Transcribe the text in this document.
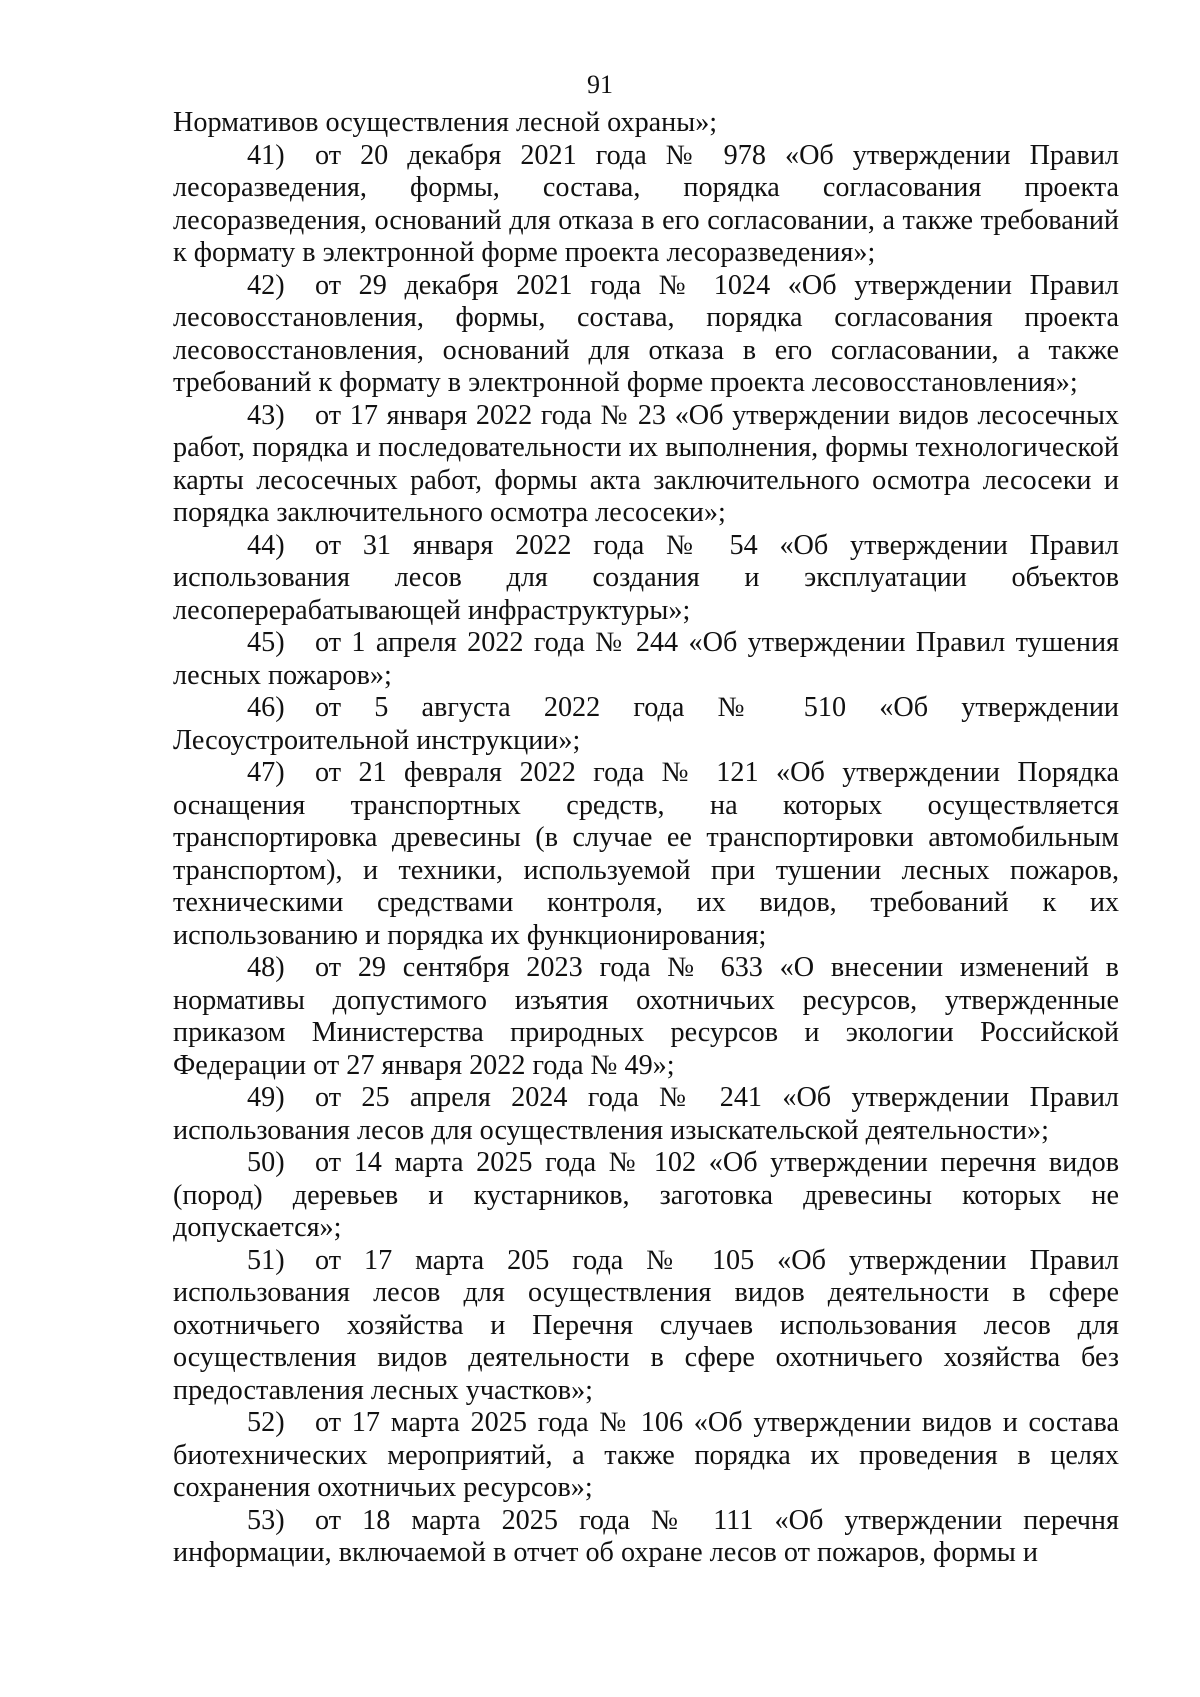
91

Нормативов осуществления лесной охраны»;

41) от 20 декабря 2021 года № 978 «Об утверждении Правил лесоразведения, формы, состава, порядка согласования проекта лесоразведения, оснований для отказа в его согласовании, а также требований к формату в электронной форме проекта лесоразведения»;

42) от 29 декабря 2021 года № 1024 «Об утверждении Правил лесовосстановления, формы, состава, порядка согласования проекта лесовосстановления, оснований для отказа в его согласовании, а также требований к формату в электронной форме проекта лесовосстановления»;

43) от 17 января 2022 года № 23 «Об утверждении видов лесосечных работ, порядка и последовательности их выполнения, формы технологической карты лесосечных работ, формы акта заключительного осмотра лесосеки и порядка заключительного осмотра лесосеки»;

44) от 31 января 2022 года № 54 «Об утверждении Правил использования лесов для создания и эксплуатации объектов лесоперерабатывающей инфраструктуры»;

45) от 1 апреля 2022 года № 244 «Об утверждении Правил тушения лесных пожаров»;

46) от 5 августа 2022 года № 510 «Об утверждении Лесоустроительной инструкции»;

47) от 21 февраля 2022 года № 121 «Об утверждении Порядка оснащения транспортных средств, на которых осуществляется транспортировка древесины (в случае ее транспортировки автомобильным транспортом), и техники, используемой при тушении лесных пожаров, техническими средствами контроля, их видов, требований к их использованию и порядка их функционирования;

48) от 29 сентября 2023 года № 633 «О внесении изменений в нормативы допустимого изъятия охотничьих ресурсов, утвержденные приказом Министерства природных ресурсов и экологии Российской Федерации от 27 января 2022 года № 49»;

49) от 25 апреля 2024 года № 241 «Об утверждении Правил использования лесов для осуществления изыскательской деятельности»;

50) от 14 марта 2025 года № 102 «Об утверждении перечня видов (пород) деревьев и кустарников, заготовка древесины которых не допускается»;

51) от 17 марта 205 года № 105 «Об утверждении Правил использования лесов для осуществления видов деятельности в сфере охотничьего хозяйства и Перечня случаев использования лесов для осуществления видов деятельности в сфере охотничьего хозяйства без предоставления лесных участков»;

52) от 17 марта 2025 года № 106 «Об утверждении видов и состава биотехнических мероприятий, а также порядка их проведения в целях сохранения охотничьих ресурсов»;

53) от 18 марта 2025 года № 111 «Об утверждении перечня информации, включаемой в отчет об охране лесов от пожаров, формы и
